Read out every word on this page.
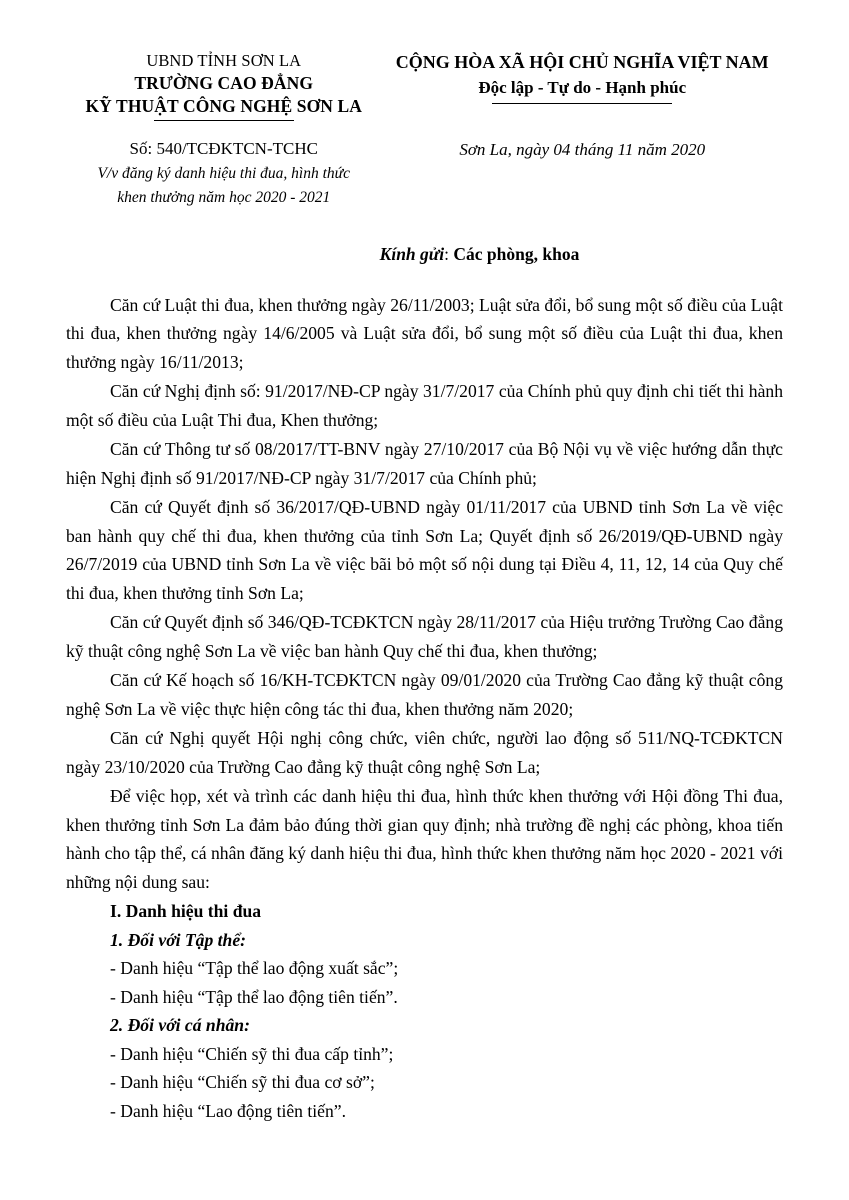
UBND TỈNH SƠN LA
TRƯỜNG CAO ĐẲNG
KỸ THUẬT CÔNG NGHỆ SƠN LA
CỘNG HÒA XÃ HỘI CHỦ NGHĨA VIỆT NAM
Độc lập - Tự do - Hạnh phúc
Số: 540/TCĐKTCN-TCHC
V/v đăng ký danh hiệu thi đua, hình thức
khen thưởng năm học 2020 - 2021
Sơn La, ngày 04 tháng 11 năm 2020
Kính gửi: Các phòng, khoa

Căn cứ Luật thi đua, khen thưởng ngày 26/11/2003; Luật sửa đổi, bổ sung một số điều của Luật thi đua, khen thưởng ngày 14/6/2005 và Luật sửa đổi, bổ sung một số điều của Luật thi đua, khen thưởng ngày 16/11/2013;

Căn cứ Nghị định số: 91/2017/NĐ-CP ngày 31/7/2017 của Chính phủ quy định chi tiết thi hành một số điều của Luật Thi đua, Khen thưởng;

Căn cứ Thông tư số 08/2017/TT-BNV ngày 27/10/2017 của Bộ Nội vụ về việc hướng dẫn thực hiện Nghị định số 91/2017/NĐ-CP ngày 31/7/2017 của Chính phủ;

Căn cứ Quyết định số 36/2017/QĐ-UBND ngày 01/11/2017 của UBND tỉnh Sơn La về việc ban hành quy chế thi đua, khen thưởng của tỉnh Sơn La; Quyết định số 26/2019/QĐ-UBND ngày 26/7/2019 của UBND tỉnh Sơn La về việc bãi bỏ một số nội dung tại Điều 4, 11, 12, 14 của Quy chế thi đua, khen thưởng tỉnh Sơn La;

Căn cứ Quyết định số 346/QĐ-TCĐKTCN ngày 28/11/2017 của Hiệu trưởng Trường Cao đẳng kỹ thuật công nghệ Sơn La về việc ban hành Quy chế thi đua, khen thưởng;

Căn cứ Kế hoạch số 16/KH-TCĐKTCN ngày 09/01/2020 của Trường Cao đẳng kỹ thuật công nghệ Sơn La về việc thực hiện công tác thi đua, khen thưởng năm 2020;

Căn cứ Nghị quyết Hội nghị công chức, viên chức, người lao động số 511/NQ-TCĐKTCN ngày 23/10/2020 của Trường Cao đẳng kỹ thuật công nghệ Sơn La;

Để việc họp, xét và trình các danh hiệu thi đua, hình thức khen thưởng với Hội đồng Thi đua, khen thưởng tỉnh Sơn La đảm bảo đúng thời gian quy định; nhà trường đề nghị các phòng, khoa tiến hành cho tập thể, cá nhân đăng ký danh hiệu thi đua, hình thức khen thưởng năm học 2020 - 2021 với những nội dung sau:

I. Danh hiệu thi đua
1. Đối với Tập thể:
- Danh hiệu “Tập thể lao động xuất sắc”;
- Danh hiệu “Tập thể lao động tiên tiến”.
2. Đối với cá nhân:
- Danh hiệu “Chiến sỹ thi đua cấp tỉnh”;
- Danh hiệu “Chiến sỹ thi đua cơ sở”;
- Danh hiệu “Lao động tiên tiến”.
